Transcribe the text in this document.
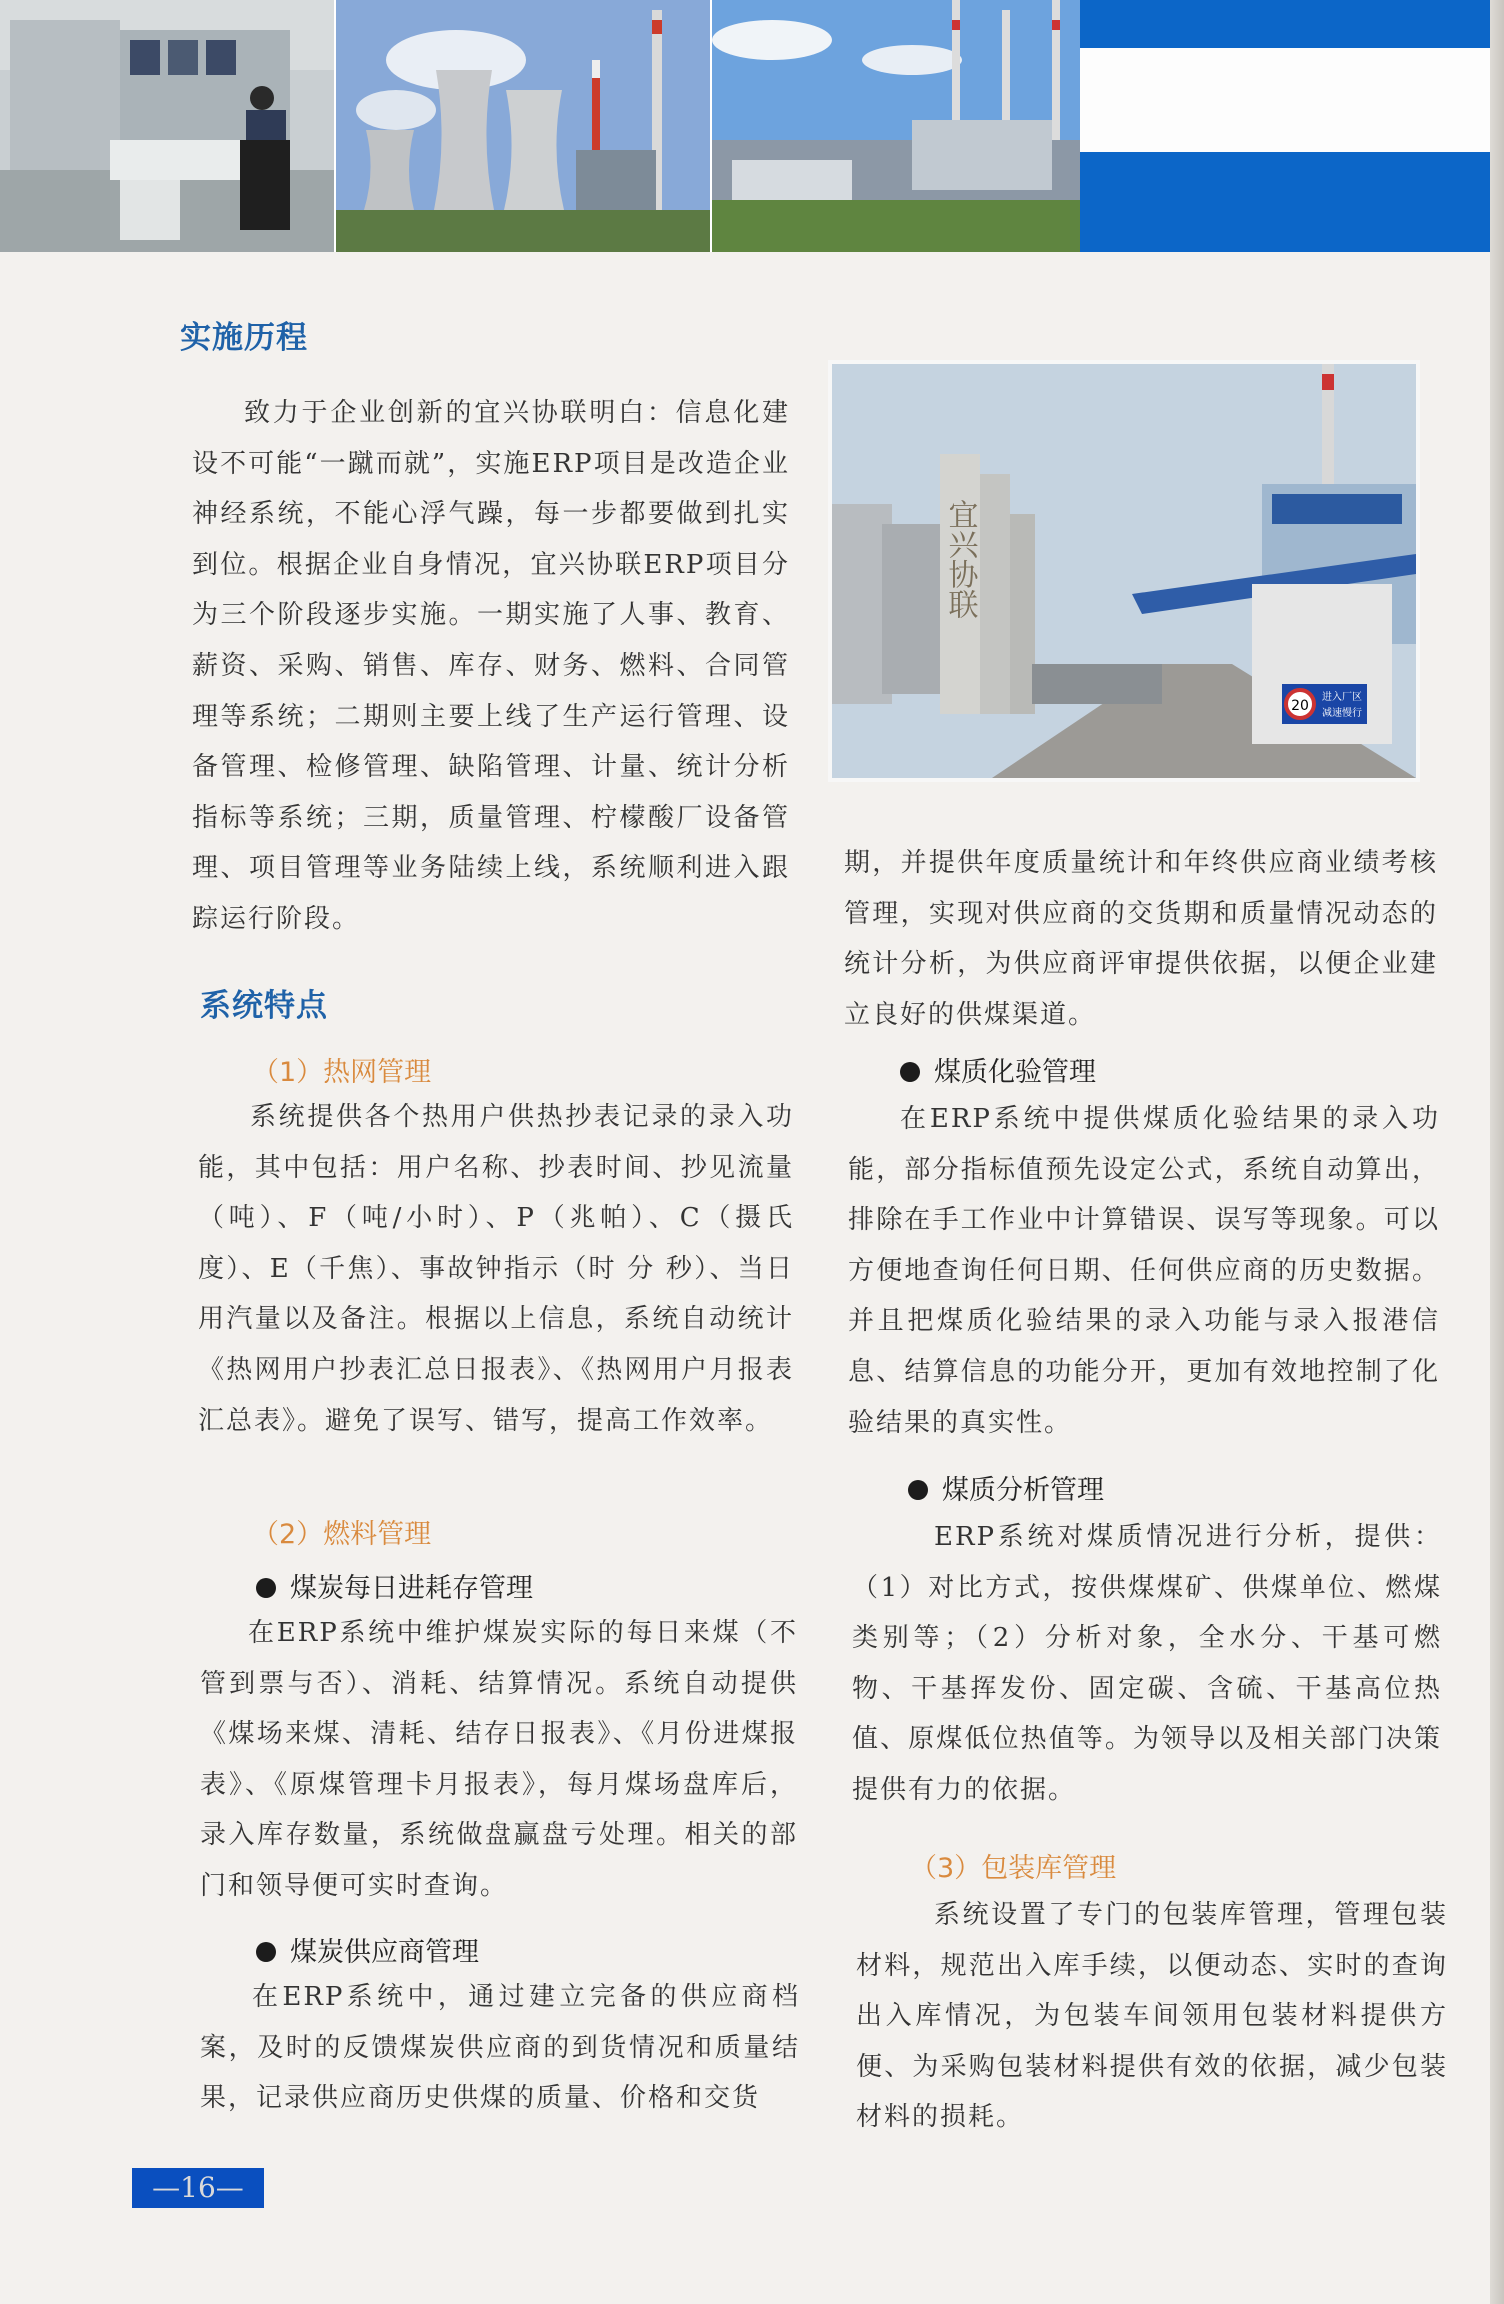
实施历程
致力于企业创新的宜兴协联明白：信息化建设不可能“一蹴而就”，实施ERP项目是改造企业神经系统，不能心浮气躁，每一步都要做到扎实到位。根据企业自身情况，宜兴协联ERP项目分为三个阶段逐步实施。一期实施了人事、教育、薪资、采购、销售、库存、财务、燃料、合同管理等系统；二期则主要上线了生产运行管理、设备管理、检修管理、缺陷管理、计量、统计分析指标等系统；三期，质量管理、柠檬酸厂设备管理、项目管理等业务陆续上线，系统顺利进入跟踪运行阶段。
系统特点
（1）热网管理
系统提供各个热用户供热抄表记录的录入功能，其中包括：用户名称、抄表时间、抄见流量（吨）、F（吨/小时）、P（兆帕）、C（摄氏度）、E（千焦）、事故钟指示（时 分 秒）、当日用汽量以及备注。根据以上信息，系统自动统计《热网用户抄表汇总日报表》、《热网用户月报表汇总表》。避免了误写、错写，提高工作效率。
（2）燃料管理
煤炭每日进耗存管理
在ERP系统中维护煤炭实际的每日来煤（不管到票与否）、消耗、结算情况。系统自动提供《煤场来煤、清耗、结存日报表》、《月份进煤报表》、《原煤管理卡月报表》，每月煤场盘库后，录入库存数量，系统做盘赢盘亏处理。相关的部门和领导便可实时查询。
煤炭供应商管理
在ERP系统中，通过建立完备的供应商档案，及时的反馈煤炭供应商的到货情况和质量结果，记录供应商历史供煤的质量、价格和交货
宜兴协联
20
进入厂区
减速慢行
期，并提供年度质量统计和年终供应商业绩考核管理，实现对供应商的交货期和质量情况动态的统计分析，为供应商评审提供依据，以便企业建立良好的供煤渠道。
煤质化验管理
在ERP系统中提供煤质化验结果的录入功能，部分指标值预先设定公式，系统自动算出，排除在手工作业中计算错误、误写等现象。可以方便地查询任何日期、任何供应商的历史数据。并且把煤质化验结果的录入功能与录入报港信息、结算信息的功能分开，更加有效地控制了化验结果的真实性。
煤质分析管理
ERP系统对煤质情况进行分析，提供：（1）对比方式，按供煤煤矿、供煤单位、燃煤类别等；（2）分析对象，全水分、干基可燃物、干基挥发份、固定碳、含硫、干基高位热值、原煤低位热值等。为领导以及相关部门决策提供有力的依据。
（3）包装库管理
系统设置了专门的包装库管理，管理包装材料，规范出入库手续，以便动态、实时的查询出入库情况，为包装车间领用包装材料提供方便、为采购包装材料提供有效的依据，减少包装材料的损耗。
—16—
